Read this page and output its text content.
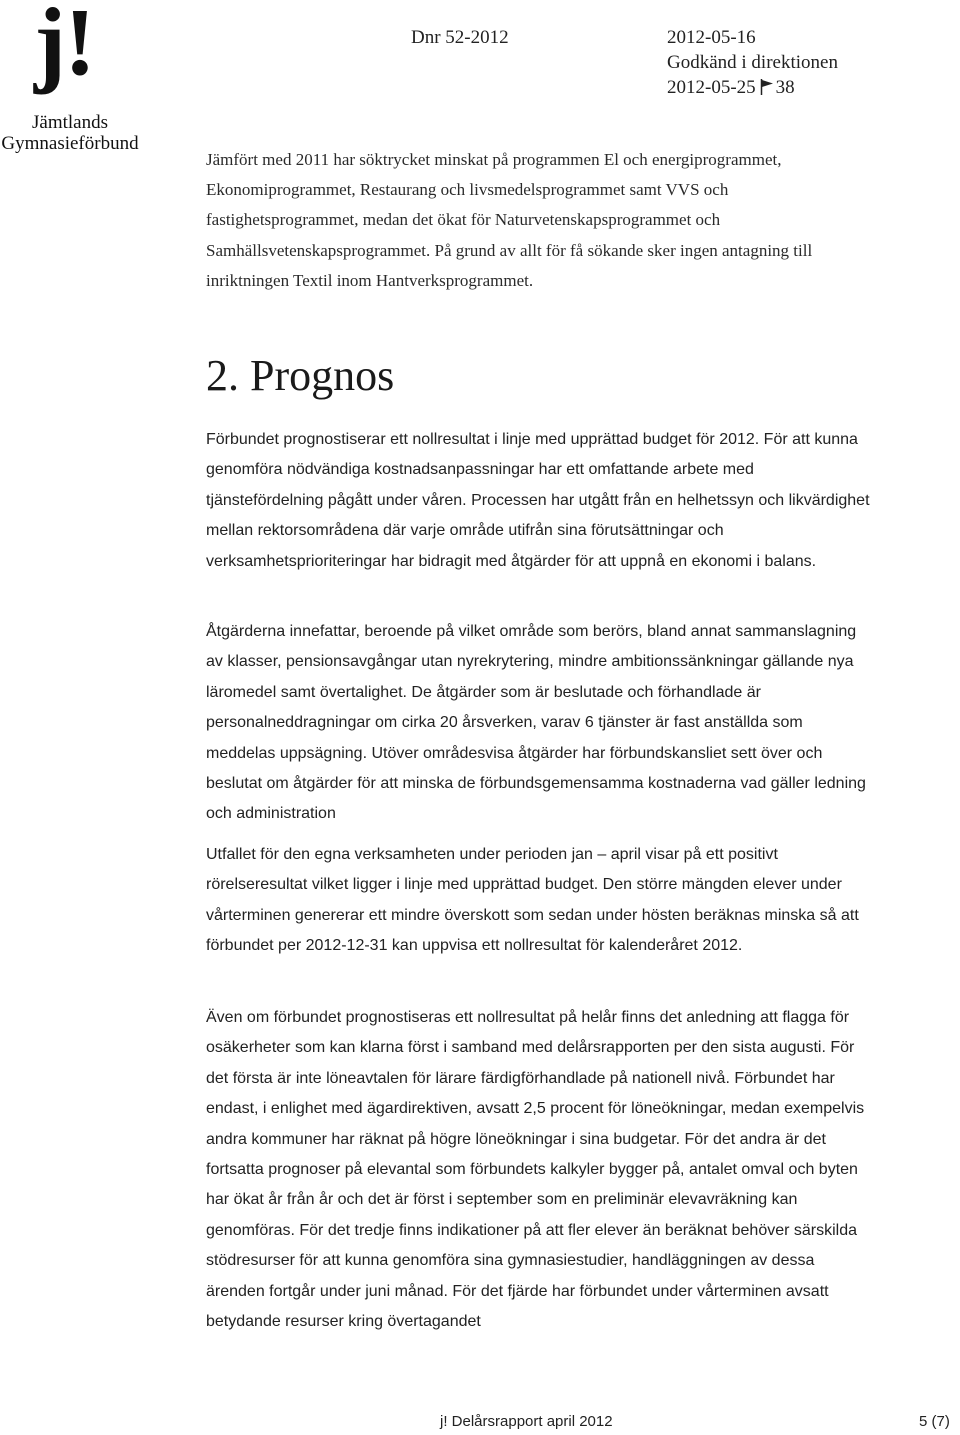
j!
Jämtlands
Gymnasieförbund
Dnr 52-2012	2012-05-16
Godkänd i direktionen
2012-05-25 38

Jämfört med 2011 har söktrycket minskat på programmen El och energiprogrammet, Ekonomiprogrammet, Restaurang och livsmedelsprogrammet samt VVS och fastighetsprogrammet, medan det ökat för Naturvetenskapsprogrammet och Samhällsvetenskapsprogrammet. På grund av allt för få sökande sker ingen antagning till inriktningen Textil inom Hantverksprogrammet.

2. Prognos

Förbundet prognostiserar ett nollresultat i linje med upprättad budget för 2012. För att kunna genomföra nödvändiga kostnadsanpassningar har ett omfattande arbete med tjänstefördelning pågått under våren. Processen har utgått från en helhetssyn och likvärdighet mellan rektorsområdena där varje område utifrån sina förutsättningar och verksamhetsprioriteringar har bidragit med åtgärder för att uppnå en ekonomi i balans.

Åtgärderna innefattar, beroende på vilket område som berörs, bland annat sammanslagning av klasser, pensionsavgångar utan nyrekrytering, mindre ambitionssänkningar gällande nya läromedel samt övertalighet. De åtgärder som är beslutade och förhandlade är personalneddragningar om cirka 20 årsverken, varav 6 tjänster är fast anställda som meddelas uppsägning. Utöver områdesvisa åtgärder har förbundskansliet sett över och beslutat om åtgärder för att minska de förbundsgemensamma kostnaderna vad gäller ledning och administration

Utfallet för den egna verksamheten under perioden jan – april visar på ett positivt rörelseresultat vilket ligger i linje med upprättad budget. Den större mängden elever under vårterminen genererar ett mindre överskott som sedan under hösten beräknas minska så att förbundet per 2012-12-31 kan uppvisa ett nollresultat för kalenderåret 2012.

Även om förbundet prognostiseras ett nollresultat på helår finns det anledning att flagga för osäkerheter som kan klarna först i samband med delårsrapporten per den sista augusti. För det första är inte löneavtalen för lärare färdigförhandlade på nationell nivå. Förbundet har endast, i enlighet med ägardirektiven, avsatt 2,5 procent för löneökningar, medan exempelvis andra kommuner har räknat på högre löneökningar i sina budgetar. För det andra är det fortsatta prognoser på elevantal som förbundets kalkyler bygger på, antalet omval och byten har ökat år från år och det är först i september som en preliminär elevavräkning kan genomföras. För det tredje finns indikationer på att fler elever än beräknat behöver särskilda stödresurser för att kunna genomföra sina gymnasiestudier, handläggningen av dessa ärenden fortgår under juni månad. För det fjärde har förbundet under vårterminen avsatt betydande resurser kring övertagandet

j! Delårsrapport april 2012	5 (7)
